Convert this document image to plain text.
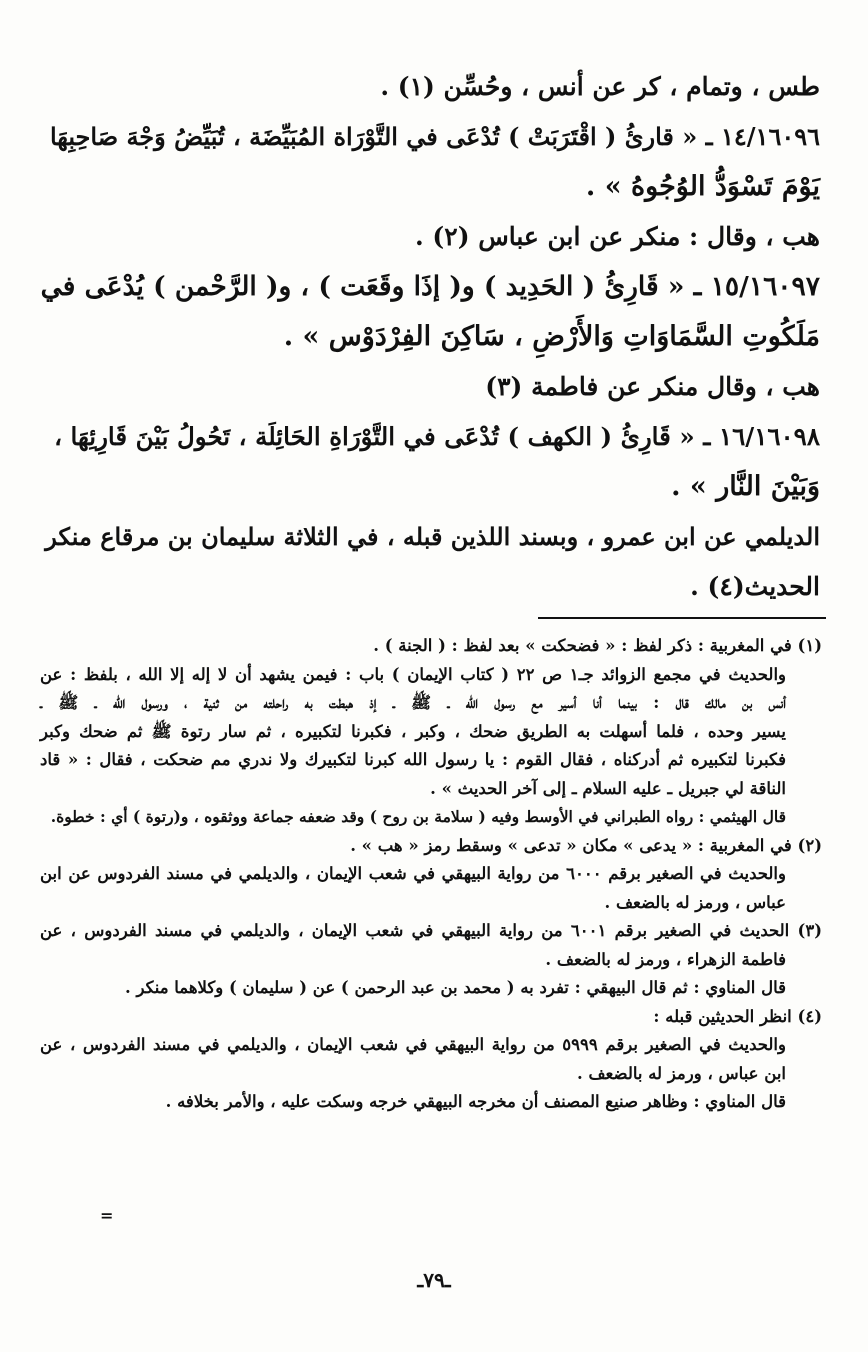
طس ، وتمام ، كر عن أنس ، وحُسِّن (١) .
١٤/١٦٠٩٦ ـ « قارئُ ( اقْتَرَبَتْ ) تُدْعَى في التَّوْرَاة المُبَيِّضَة ، تُبَيِّضُ وَجْهَ صَاحِبِهَا
يَوْمَ تَسْوَدُّ الوُجُوهُ » .
هب ، وقال : منكر عن ابن عباس (٢) .
١٥/١٦٠٩٧ ـ « قَارِئُ ( الحَدِيد ) و( إذَا وقَعَت ) ، و( الرَّحْمن ) يُدْعَى في
مَلَكُوتِ السَّمَاوَاتِ وَالأَرْضِ ، سَاكِنَ الفِرْدَوْس » .
هب ، وقال منكر عن فاطمة (٣)
١٦/١٦٠٩٨ ـ « قَارِئُ ( الكهف ) تُدْعَى في التَّوْرَاةِ الحَائِلَة ، تَحُولُ بَيْنَ قَارِئِهَا ،
وَبَيْنَ النَّار » .
الديلمي عن ابن عمرو ، وبسند اللذين قبله ، في الثلاثة سليمان بن مرقاع منكر
الحديث(٤) .
(١) في المغربية : ذكر لفظ : « فضحكت » بعد لفظ : ( الجنة ) .
والحديث في مجمع الزوائد جـ١ ص ٢٢ ( كتاب الإيمان ) باب : فيمن يشهد أن لا إله إلا الله ، بلفظ : عن
أنس بن مالك قال : بينما أنا أسير مع رسول الله ـ ﷺ ـ إذ هبطت به راحلته من ثنية ، ورسول الله ـ ﷺ ـ
يسير وحده ، فلما أسهلت به الطريق ضحك ، وكبر ، فكبرنا لتكبيره ، ثم سار رتوة ﷺ ثم ضحك وكبر
فكبرنا لتكبيره ثم أدركناه ، فقال القوم : يا رسول الله كبرنا لتكبيرك ولا ندري مم ضحكت ، فقال : « قاد
الناقة لي جبريل ـ عليه السلام ـ إلى آخر الحديث » .
قال الهيثمي : رواه الطبراني في الأوسط وفيه ( سلامة بن روح ) وقد ضعفه جماعة ووثقوه ، و(رتوة ) أي : خطوة.
(٢) في المغربية : « يدعى » مكان « تدعى » وسقط رمز « هب » .
والحديث في الصغير برقم ٦٠٠٠ من رواية البيهقي في شعب الإيمان ، والديلمي في مسند الفردوس عن ابن
عباس ، ورمز له بالضعف .
(٣) الحديث في الصغير برقم ٦٠٠١ من رواية البيهقي في شعب الإيمان ، والديلمي في مسند الفردوس ، عن
فاطمة الزهراء ، ورمز له بالضعف .
قال المناوي : ثم قال البيهقي : تفرد به ( محمد بن عبد الرحمن ) عن ( سليمان ) وكلاهما منكر .
(٤) انظر الحديثين قبله :
والحديث في الصغير برقم ٥٩٩٩ من رواية البيهقي في شعب الإيمان ، والديلمي في مسند الفردوس ، عن
ابن عباس ، ورمز له بالضعف .
قال المناوي : وظاهر صنيع المصنف أن مخرجه البيهقي خرجه وسكت عليه ، والأمر بخلافه .
=
ـ٧٩ـ
